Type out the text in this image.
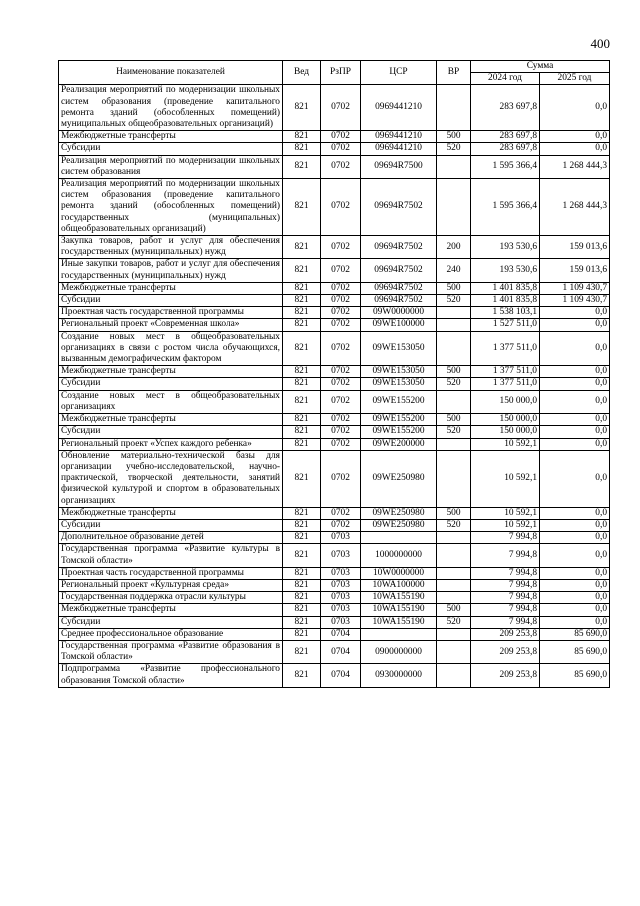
400
Наименование показателей	Вед	РзПР	ЦСР	ВР	Сумма	
					2024 год	2025 год
Реализация мероприятий по модернизации школьных систем образования (проведение капитального ремонта зданий (обособленных помещений) муниципальных общеобразовательных организаций)	821	0702	0969441210		283 697,8	0,0
Межбюджетные трансферты	821	0702	0969441210	500	283 697,8	0,0
Субсидии	821	0702	0969441210	520	283 697,8	0,0
Реализация мероприятий по модернизации школьных систем образования	821	0702	09694R7500		1 595 366,4	1 268 444,3
Реализация мероприятий по модернизации школьных систем образования (проведение капитального ремонта зданий (обособленных помещений) государственных (муниципальных) общеобразовательных организаций)	821	0702	09694R7502		1 595 366,4	1 268 444,3
Закупка товаров, работ и услуг для обеспечения государственных (муниципальных) нужд	821	0702	09694R7502	200	193 530,6	159 013,6
Иные закупки товаров, работ и услуг для обеспечения государственных (муниципальных) нужд	821	0702	09694R7502	240	193 530,6	159 013,6
Межбюджетные трансферты	821	0702	09694R7502	500	1 401 835,8	1 109 430,7
Субсидии	821	0702	09694R7502	520	1 401 835,8	1 109 430,7
Проектная часть государственной программы	821	0702	09W0000000		1 538 103,1	0,0
Региональный проект «Современная школа»	821	0702	09WE100000		1 527 511,0	0,0
Создание новых мест в общеобразовательных организациях в связи с ростом числа обучающихся, вызванным демографическим фактором	821	0702	09WE153050		1 377 511,0	0,0
Межбюджетные трансферты	821	0702	09WE153050	500	1 377 511,0	0,0
Субсидии	821	0702	09WE153050	520	1 377 511,0	0,0
Создание новых мест в общеобразовательных организациях	821	0702	09WE155200		150 000,0	0,0
Межбюджетные трансферты	821	0702	09WE155200	500	150 000,0	0,0
Субсидии	821	0702	09WE155200	520	150 000,0	0,0
Региональный проект «Успех каждого ребенка»	821	0702	09WE200000		10 592,1	0,0
Обновление материально-технической базы для организации учебно-исследовательской, научно-практической, творческой деятельности, занятий физической культурой и спортом в образовательных организациях	821	0702	09WE250980		10 592,1	0,0
Межбюджетные трансферты	821	0702	09WE250980	500	10 592,1	0,0
Субсидии	821	0702	09WE250980	520	10 592,1	0,0
Дополнительное образование детей	821	0703			7 994,8	0,0
Государственная программа «Развитие культуры в Томской области»	821	0703	1000000000		7 994,8	0,0
Проектная часть государственной программы	821	0703	10W0000000		7 994,8	0,0
Региональный проект «Культурная среда»	821	0703	10WA100000		7 994,8	0,0
Государственная поддержка отрасли культуры	821	0703	10WA155190		7 994,8	0,0
Межбюджетные трансферты	821	0703	10WA155190	500	7 994,8	0,0
Субсидии	821	0703	10WA155190	520	7 994,8	0,0
Среднее профессиональное образование	821	0704			209 253,8	85 690,0
Государственная программа «Развитие образования в Томской области»	821	0704	0900000000		209 253,8	85 690,0
Подпрограмма «Развитие профессионального образования Томской области»	821	0704	0930000000		209 253,8	85 690,0
